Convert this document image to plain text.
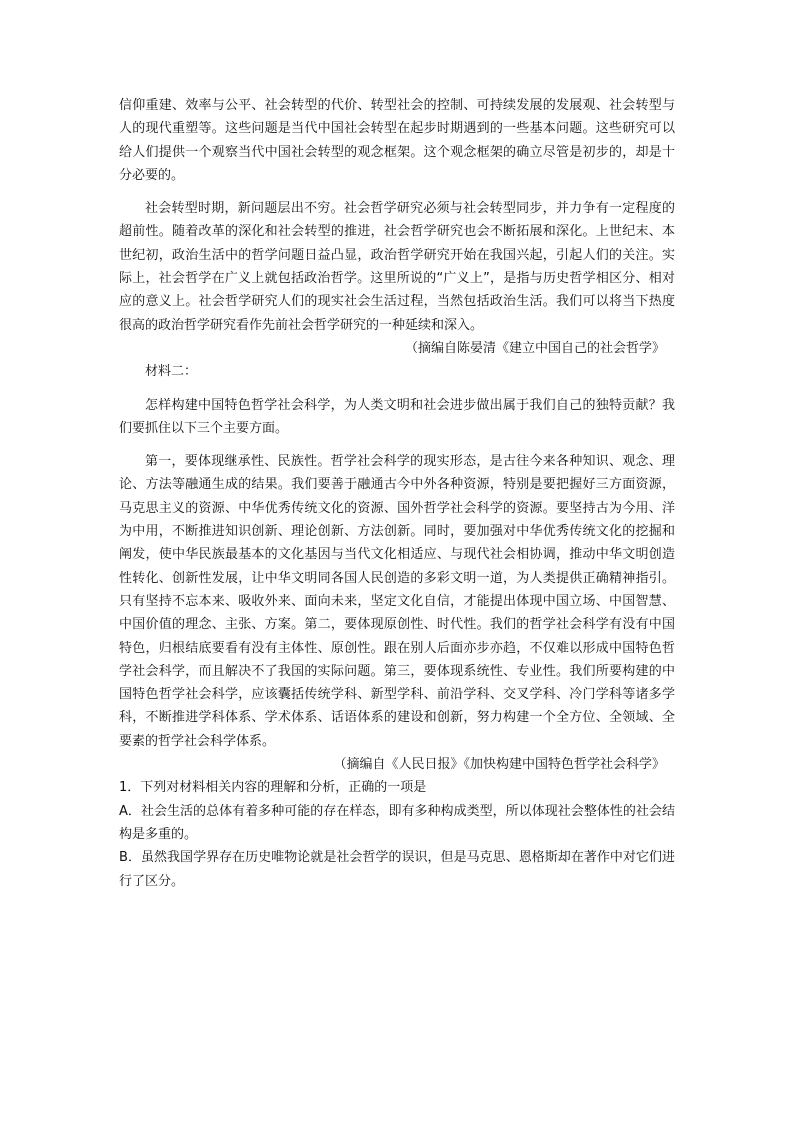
信仰重建、效率与公平、社会转型的代价、转型社会的控制、可持续发展的发展观、社会转型与人的现代重塑等。这些问题是当代中国社会转型在起步时期遇到的一些基本问题。这些研究可以给人们提供一个观察当代中国社会转型的观念框架。这个观念框架的确立尽管是初步的，却是十分必要的。

社会转型时期，新问题层出不穷。社会哲学研究必须与社会转型同步，并力争有一定程度的超前性。随着改革的深化和社会转型的推进，社会哲学研究也会不断拓展和深化。上世纪末、本世纪初，政治生活中的哲学问题日益凸显，政治哲学研究开始在我国兴起，引起人们的关注。实际上，社会哲学在广义上就包括政治哲学。这里所说的“广义上”，是指与历史哲学相区分、相对应的意义上。社会哲学研究人们的现实社会生活过程，当然包括政治生活。我们可以将当下热度很高的政治哲学研究看作先前社会哲学研究的一种延续和深入。

（摘编自陈晏清《建立中国自己的社会哲学》

材料二：

怎样构建中国特色哲学社会科学，为人类文明和社会进步做出属于我们自己的独特贡献？我们要抓住以下三个主要方面。

第一，要体现继承性、民族性。哲学社会科学的现实形态，是古往今来各种知识、观念、理论、方法等融通生成的结果。我们要善于融通古今中外各种资源，特别是要把握好三方面资源，马克思主义的资源、中华优秀传统文化的资源、国外哲学社会科学的资源。要坚持古为今用、洋为中用，不断推进知识创新、理论创新、方法创新。同时，要加强对中华优秀传统文化的挖掘和阐发，使中华民族最基本的文化基因与当代文化相适应、与现代社会相协调，推动中华文明创造性转化、创新性发展，让中华文明同各国人民创造的多彩文明一道，为人类提供正确精神指引。只有坚持不忘本来、吸收外来、面向未来，坚定文化自信，才能提出体现中国立场、中国智慧、中国价值的理念、主张、方案。第二，要体现原创性、时代性。我们的哲学社会科学有没有中国特色，归根结底要看有没有主体性、原创性。跟在别人后面亦步亦趋，不仅难以形成中国特色哲学社会科学，而且解决不了我国的实际问题。第三，要体现系统性、专业性。我们所要构建的中国特色哲学社会科学，应该囊括传统学科、新型学科、前沿学科、交叉学科、冷门学科等诸多学科，不断推进学科体系、学术体系、话语体系的建设和创新，努力构建一个全方位、全领域、全要素的哲学社会科学体系。

（摘编自《人民日报》《加快构建中国特色哲学社会科学》

1．下列对材料相关内容的理解和分析，正确的一项是

A．社会生活的总体有着多种可能的存在样态，即有多种构成类型，所以体现社会整体性的社会结构是多重的。

B．虽然我国学界存在历史唯物论就是社会哲学的误识，但是马克思、恩格斯却在著作中对它们进行了区分。
